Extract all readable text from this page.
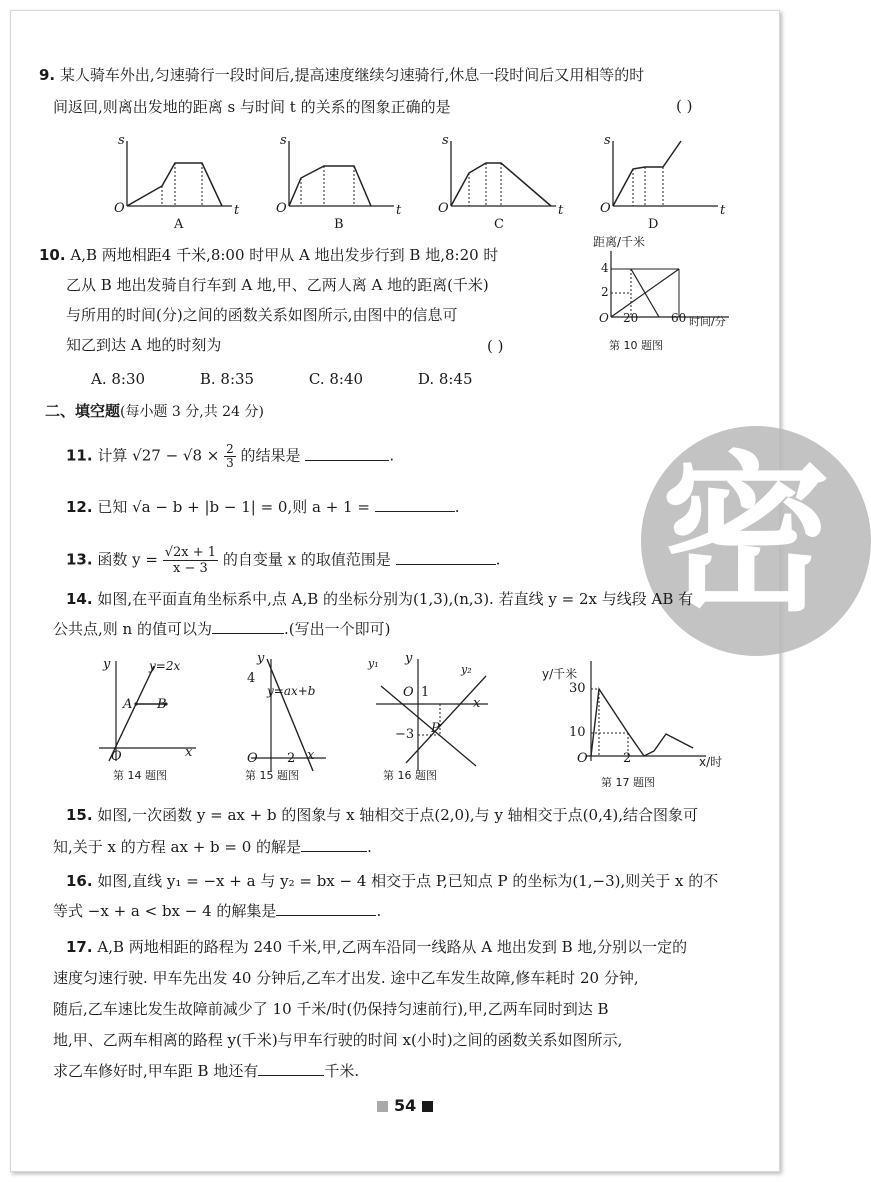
密
9. 某人骑车外出,匀速骑行一段时间后,提高速度继续匀速骑行,休息一段时间后又用相等的时
间返回,则离出发地的距离 s 与时间 t 的关系的图象正确的是	( )
s
t
O
A
s
t
O
B
s
t
O
C
s
t
O
D
10. A,B 两地相距4 千米,8:00 时甲从 A 地出发步行到 B 地,8:20 时
乙从 B 地出发骑自行车到 A 地,甲、乙两人离 A 地的距离(千米)
与所用的时间(分)之间的函数关系如图所示,由图中的信息可
知乙到达 A 地的时刻为	( )
A. 8:30	B. 8:35	C. 8:40	D. 8:45
距离/千米
4
2
O 20	60 时间/分
第 10 题图
二、填空题(每小题 3 分,共 24 分)
11. 计算 $√27 - √8 \times \frac{2}{3}$ 的结果是	.
12. 已知 √a − b + |b − 1| = 0,则 a + 1 =	.
13. 函数 $y = \frac{√2x + 1}{x - 3}$ 的自变量 x 的取值范围是	.
14. 如图,在平面直角坐标系中,点 A,B 的坐标分别为(1,3),(n,3). 若直线 y = 2x 与线段 AB 有
公共点,则 n 的值可以为	.(写出一个即可)
y	y=2x
A B
O	x
第 14 题图
y
4
y=ax+b
O 2 x
第 15 题图
y₁ y
y₂
O 1
x
−3 P
第 16 题图
y/千米
30
10
O	2	x/时
第 17 题图
15. 如图,一次函数 y = ax + b 的图象与 x 轴相交于点(2,0),与 y 轴相交于点(0,4),结合图象可
知,关于 x 的方程 ax + b = 0 的解是	.
16. 如图,直线 y₁ = −x + a 与 y₂ = bx − 4 相交于点 P,已知点 P 的坐标为(1,−3),则关于 x 的不
等式 −x + a < bx − 4 的解集是	.
17. A,B 两地相距的路程为 240 千米,甲,乙两车沿同一线路从 A 地出发到 B 地,分别以一定的
速度匀速行驶. 甲车先出发 40 分钟后,乙车才出发. 途中乙车发生故障,修车耗时 20 分钟,
随后,乙车速比发生故障前减少了 10 千米/时(仍保持匀速前行),甲,乙两车同时到达 B
地,甲、乙两车相离的路程 y(千米)与甲车行驶的时间 x(小时)之间的函数关系如图所示,
求乙车修好时,甲车距 B 地还有	千米.
54
